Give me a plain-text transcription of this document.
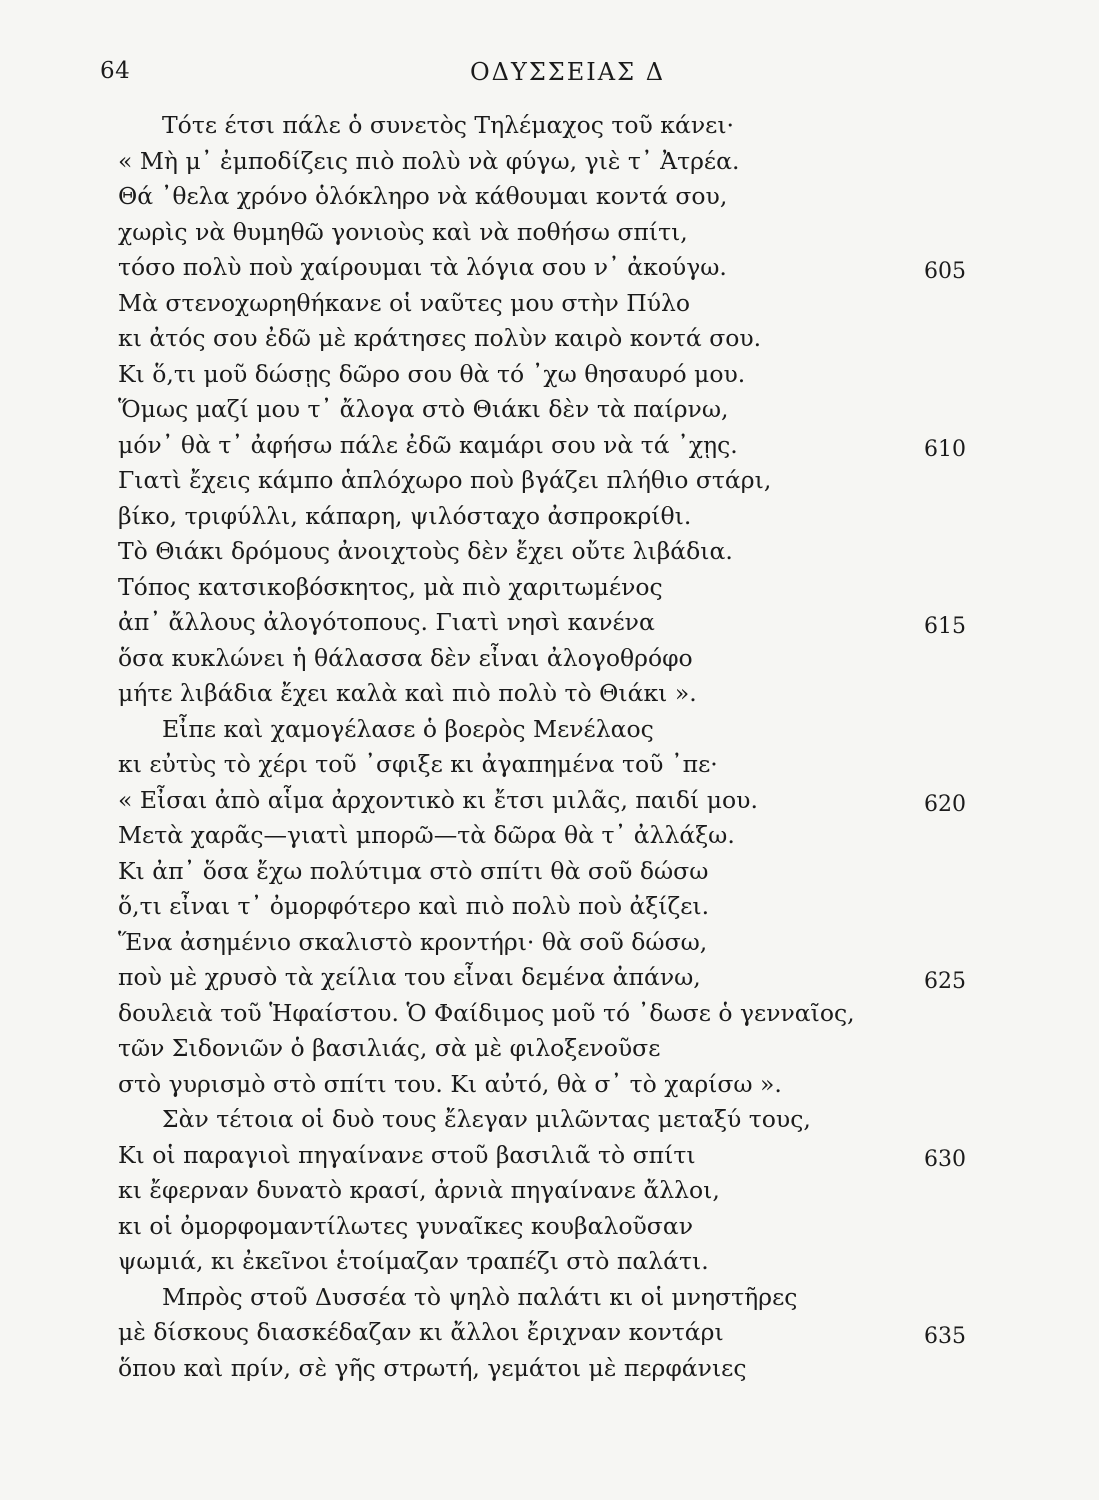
64	ΟΔΥΣΣΕΙΑΣ Δ
Τότε έτσι πάλε ὁ συνετὸς Τηλέμαχος τοῦ κάνει·
« Μὴ μ᾽ ἐμποδίζεις πιὸ πολὺ νὰ φύγω, γιὲ τ᾽ Ἀτρέα.
Θά ᾽θελα χρόνο ὁλόκληρο νὰ κάθουμαι κοντά σου,
χωρὶς νὰ θυμηθῶ γονιοὺς καὶ νὰ ποθήσω σπίτι,
τόσο πολὺ ποὺ χαίρουμαι τὰ λόγια σου ν᾽ ἀκούγω.	605
Μὰ στενοχωρηθήκανε οἱ ναῦτες μου στὴν Πύλο
κι ἀτός σου ἐδῶ μὲ κράτησες πολὺν καιρὸ κοντά σου.
Κι ὅ,τι μοῦ δώσῃς δῶρο σου θὰ τό ᾽χω θησαυρό μου.
Ὅμως μαζί μου τ᾽ ἄλογα στὸ Θιάκι δὲν τὰ παίρνω,
μόν᾽ θὰ τ᾽ ἀφήσω πάλε ἐδῶ καμάρι σου νὰ τά ᾽χῃς.	610
Γιατὶ ἔχεις κάμπο ἁπλόχωρο ποὺ βγάζει πλήθιο στάρι,
βίκο, τριφύλλι, κάπαρη, ψιλόσταχο ἀσπροκρίθι.
Τὸ Θιάκι δρόμους ἀνοιχτοὺς δὲν ἔχει οὔτε λιβάδια.
Τόπος κατσικοβόσκητος, μὰ πιὸ χαριτωμένος
ἀπ᾽ ἄλλους ἀλογότοπους. Γιατὶ νησὶ κανένα	615
ὅσα κυκλώνει ἡ θάλασσα δὲν εἶναι ἀλογοθρόφο
μήτε λιβάδια ἔχει καλὰ καὶ πιὸ πολὺ τὸ Θιάκι ».
Εἶπε καὶ χαμογέλασε ὁ βοερὸς Μενέλαος
κι εὐτὺς τὸ χέρι τοῦ ᾽σφιξε κι ἀγαπημένα τοῦ ᾽πε·
« Εἶσαι ἀπὸ αἷμα ἀρχοντικὸ κι ἔτσι μιλᾶς, παιδί μου.	620
Μετὰ χαρᾶς—γιατὶ μπορῶ—τὰ δῶρα θὰ τ᾽ ἀλλάξω.
Κι ἀπ᾽ ὅσα ἔχω πολύτιμα στὸ σπίτι θὰ σοῦ δώσω
ὅ,τι εἶναι τ᾽ ὀμορφότερο καὶ πιὸ πολὺ ποὺ ἀξίζει.
Ἕνα ἀσημένιο σκαλιστὸ κροντήρι· θὰ σοῦ δώσω,
ποὺ μὲ χρυσὸ τὰ χείλια του εἶναι δεμένα ἀπάνω,	625
δουλειὰ τοῦ Ἡφαίστου. Ὁ Φαίδιμος μοῦ τό ᾽δωσε ὁ γενναῖος,
τῶν Σιδονιῶν ὁ βασιλιάς, σὰ μὲ φιλοξενοῦσε
στὸ γυρισμὸ στὸ σπίτι του. Κι αὐτό, θὰ σ᾽ τὸ χαρίσω ».
Σὰν τέτοια οἱ δυὸ τους ἔλεγαν μιλῶντας μεταξύ τους,
Κι οἱ παραγιοὶ πηγαίνανε στοῦ βασιλιᾶ τὸ σπίτι	630
κι ἔφερναν δυνατὸ κρασί, ἀρνιὰ πηγαίνανε ἄλλοι,
κι οἱ ὀμορφομαντίλωτες γυναῖκες κουβαλοῦσαν
ψωμιά, κι ἐκεῖνοι ἑτοίμαζαν τραπέζι στὸ παλάτι.
Μπρὸς στοῦ Δυσσέα τὸ ψηλὸ παλάτι κι οἱ μνηστῆρες
μὲ δίσκους διασκέδαζαν κι ἄλλοι ἔριχναν κοντάρι	635
ὅπου καὶ πρίν, σὲ γῆς στρωτή, γεμάτοι μὲ περφάνιες
